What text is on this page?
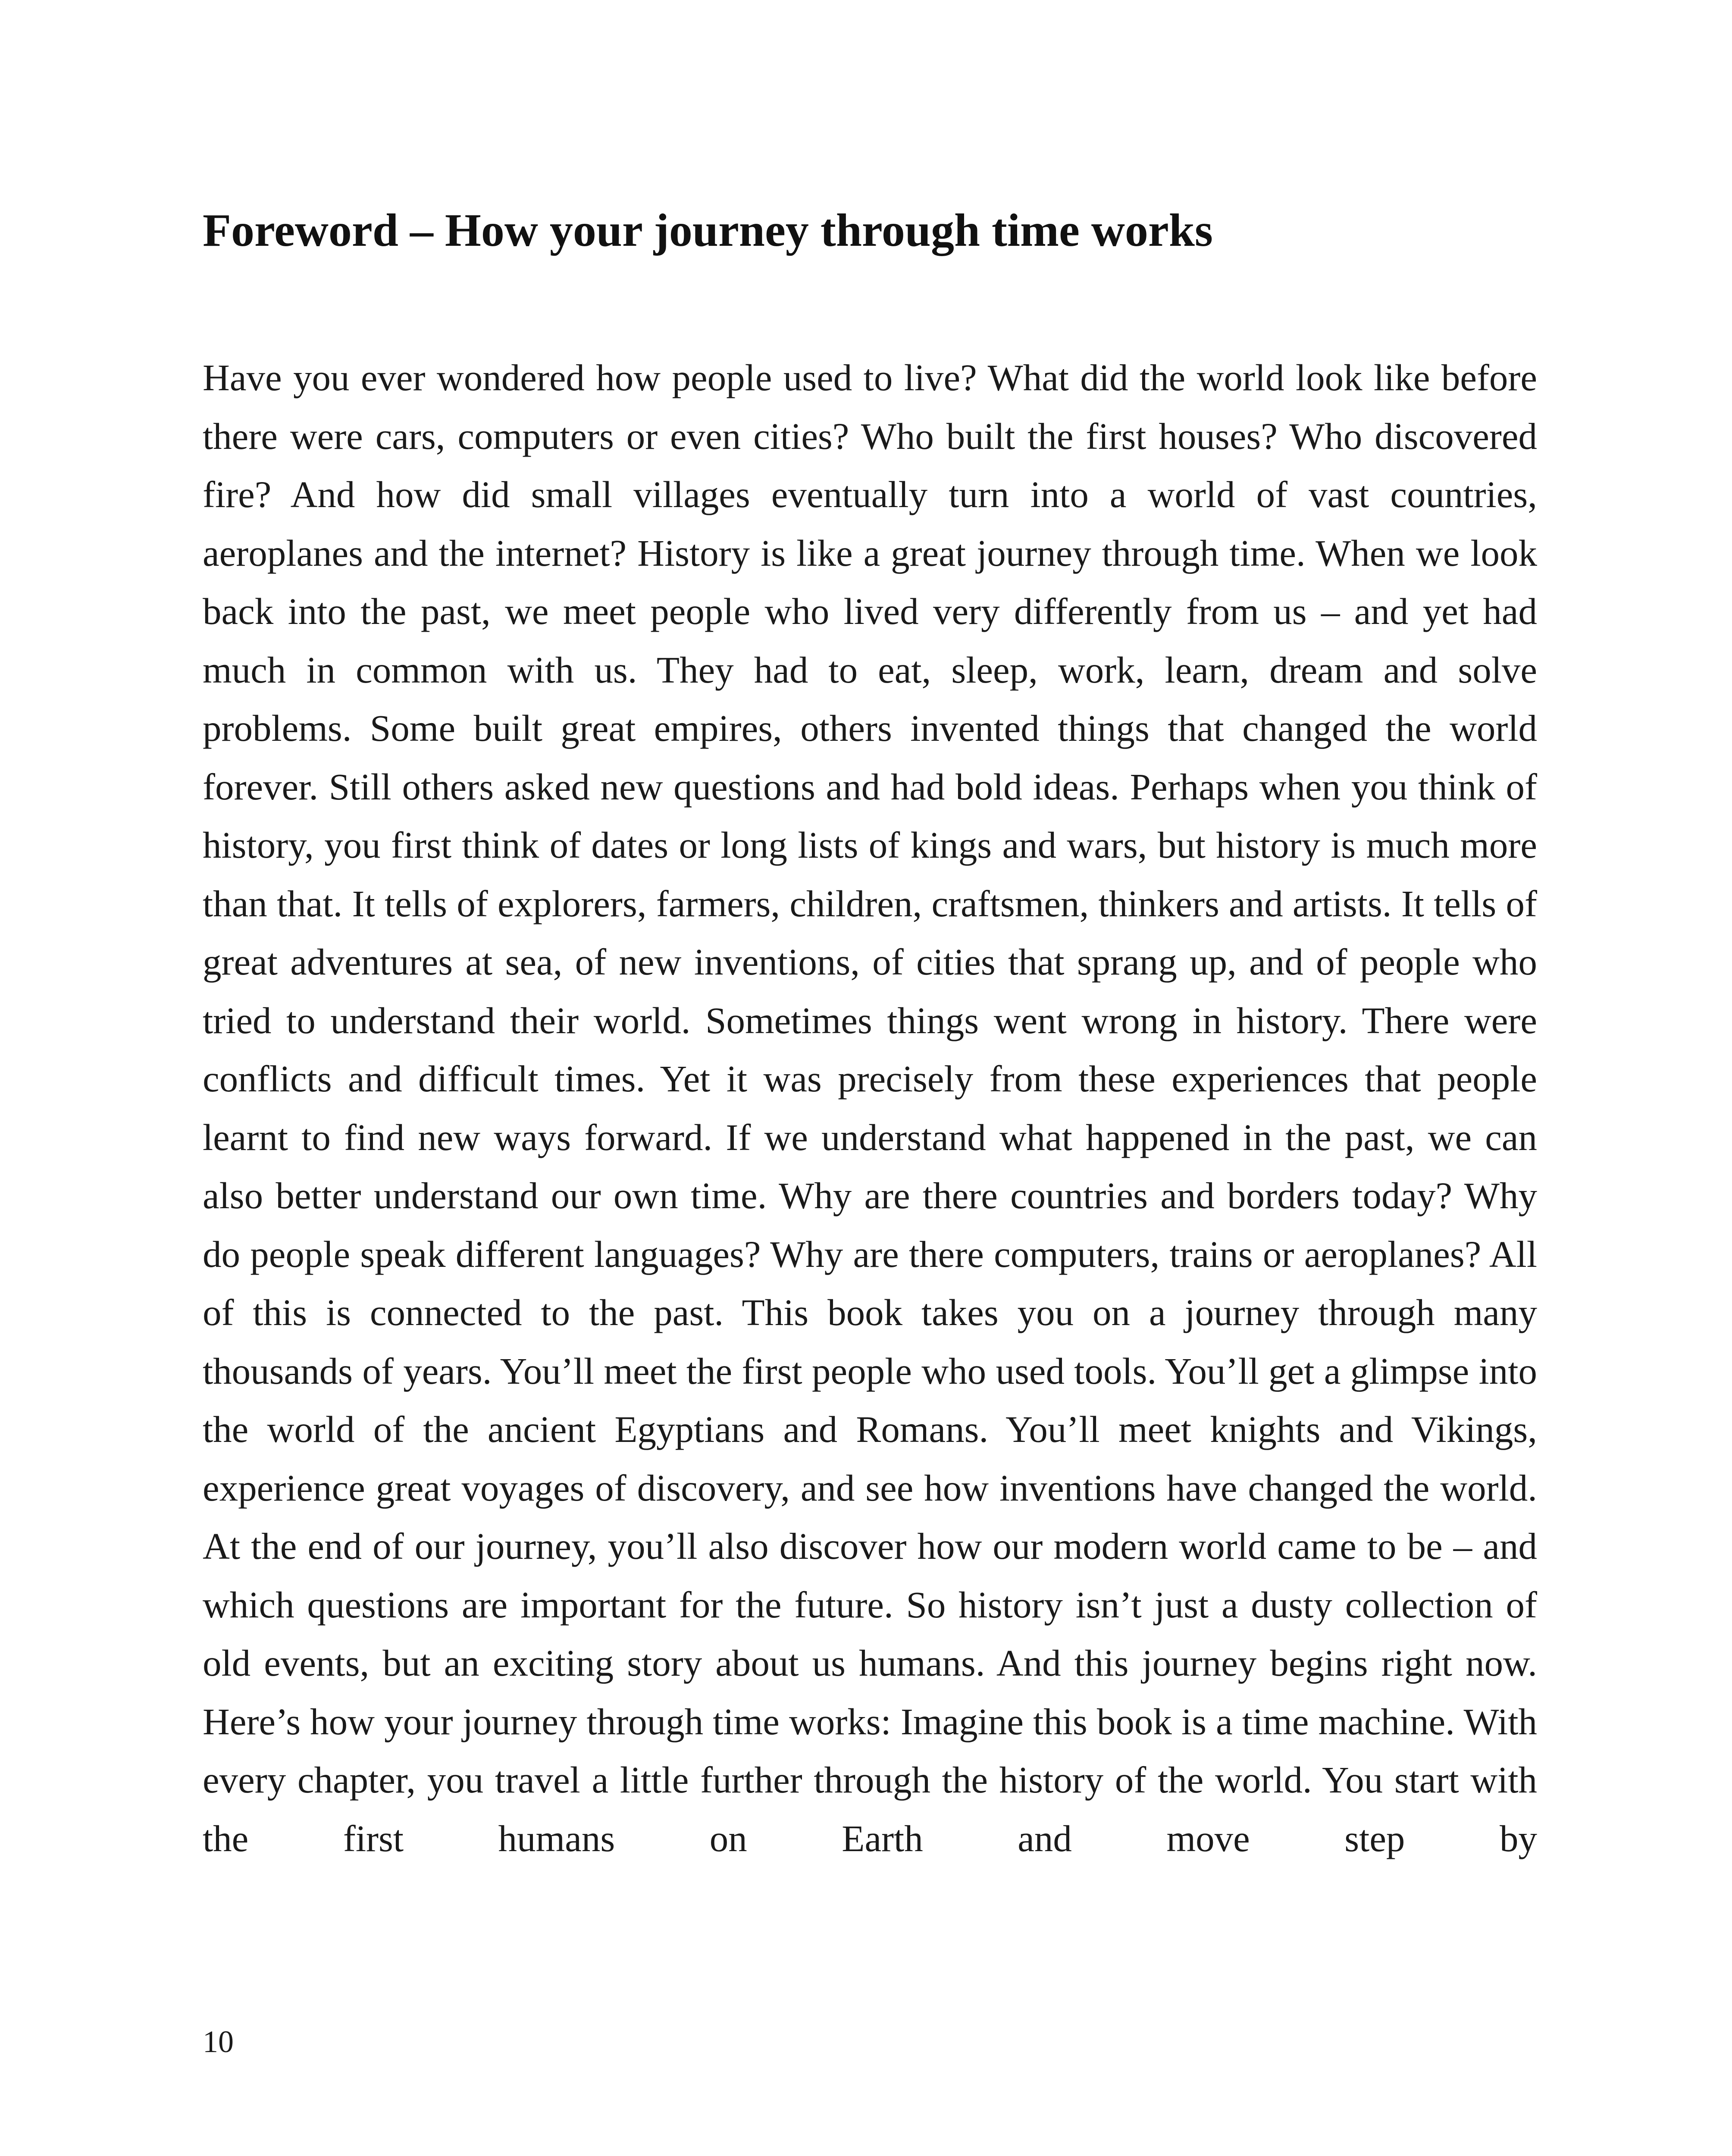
Foreword – How your journey through time works

Have you ever wondered how people used to live? What did the world look like before there were cars, computers or even cities? Who built the first houses? Who discovered fire? And how did small villages eventually turn into a world of vast countries, aeroplanes and the internet? History is like a great journey through time. When we look back into the past, we meet people who lived very differently from us – and yet had much in common with us. They had to eat, sleep, work, learn, dream and solve problems. Some built great empires, others invented things that changed the world forever. Still others asked new questions and had bold ideas. Perhaps when you think of history, you first think of dates or long lists of kings and wars, but history is much more than that. It tells of explorers, farmers, children, craftsmen, thinkers and artists. It tells of great adventures at sea, of new inventions, of cities that sprang up, and of people who tried to understand their world. Sometimes things went wrong in history. There were conflicts and difficult times. Yet it was precisely from these experiences that people learnt to find new ways forward. If we understand what happened in the past, we can also better understand our own time. Why are there countries and borders today? Why do people speak different languages? Why are there computers, trains or aeroplanes? All of this is connected to the past. This book takes you on a journey through many thousands of years. You’ll meet the first people who used tools. You’ll get a glimpse into the world of the ancient Egyptians and Romans. You’ll meet knights and Vikings, experience great voyages of discovery, and see how inventions have changed the world. At the end of our journey, you’ll also discover how our modern world came to be – and which questions are important for the future. So history isn’t just a dusty collection of old events, but an exciting story about us humans. And this journey begins right now. Here’s how your journey through time works: Imagine this book is a time machine. With every chapter, you travel a little further through the history of the world. You start with the first humans on Earth and move step by

10
